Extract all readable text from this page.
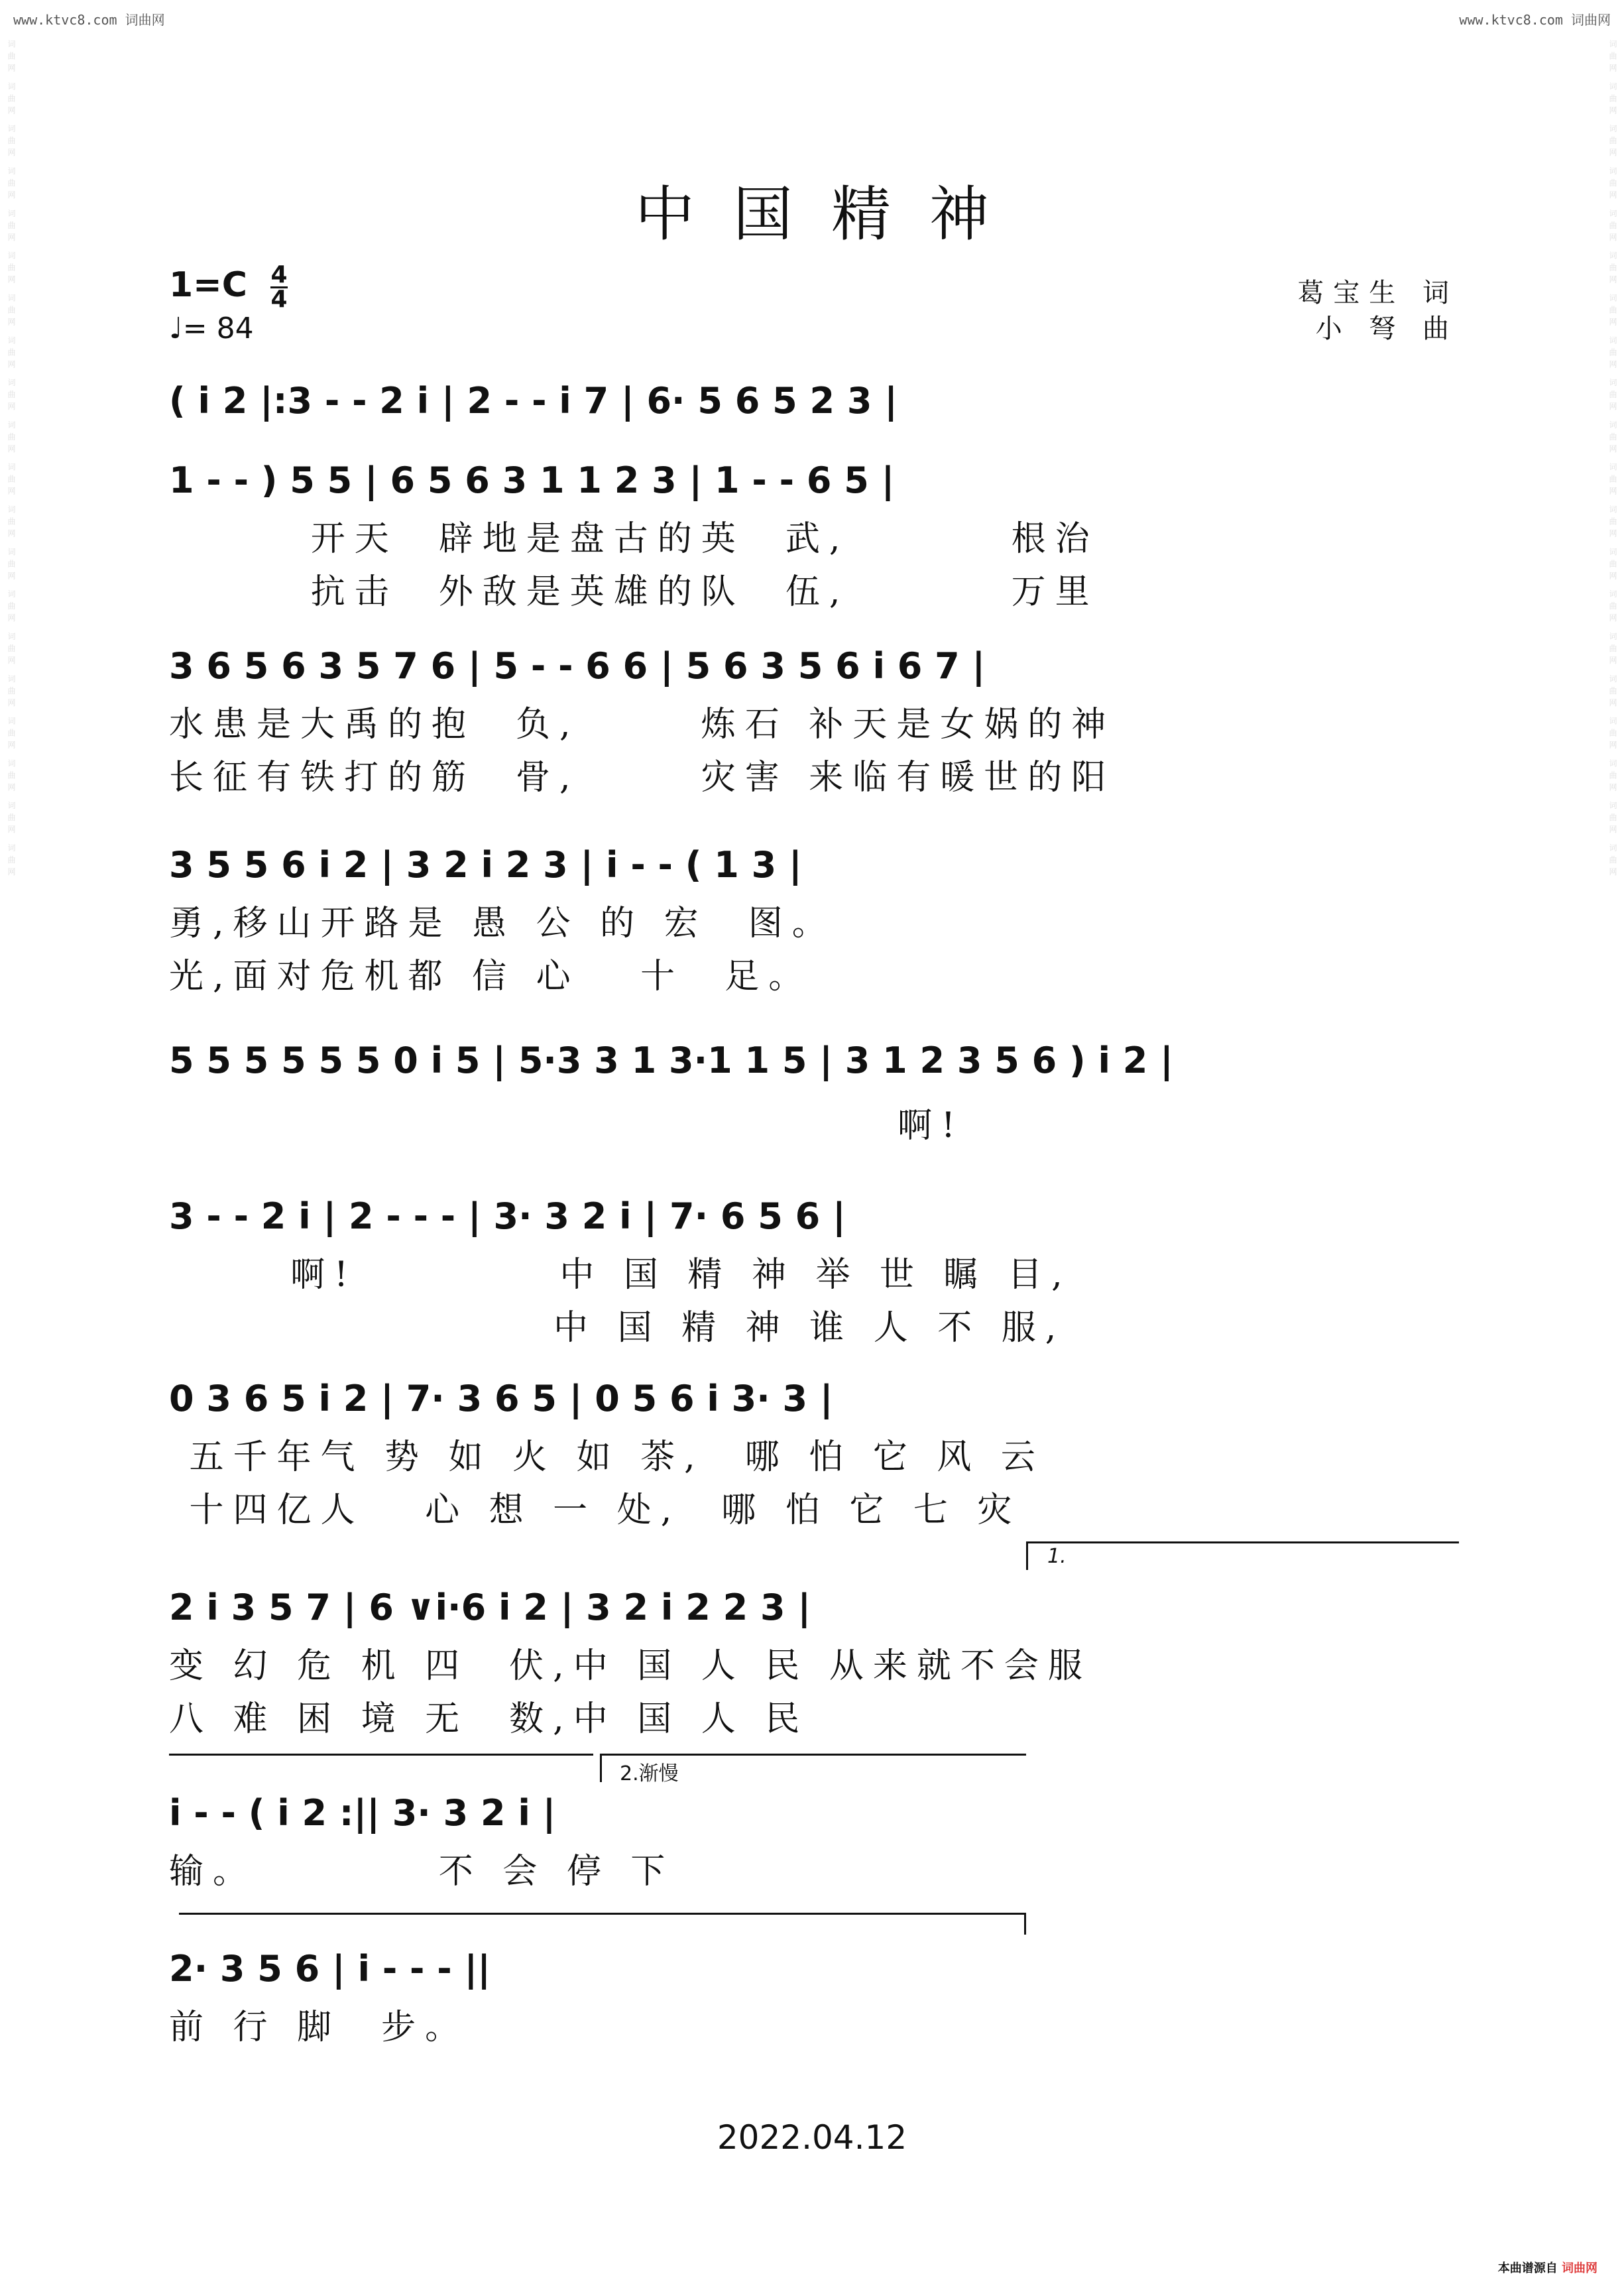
www.ktvc8.com 词曲网	www.ktvc8.com 词曲网
词曲网 词曲网 词曲网 词曲网 词曲网 词曲网 词曲网 词曲网 词曲网 词曲网 词曲网 词曲网 词曲网 词曲网 词曲网 词曲网 词曲网 词曲网 词曲网 词曲网	词曲网 词曲网 词曲网 词曲网 词曲网 词曲网 词曲网 词曲网 词曲网 词曲网 词曲网 词曲网 词曲网 词曲网 词曲网 词曲网 词曲网 词曲网 词曲网 词曲网
中国精神
1=C 4
4
♩= 84
葛宝生 词
小 弩 曲
( i 2 |:3 - - 2 i | 2 - - i 7 | 6· 5 6 5 2 3 |
1 - - ) 5 5 | 6 5 6 3 1 1 2 3 | 1 - - 6 5 |
开天  辟地是盘古的英  武,        根治
抗击  外敌是英雄的队  伍,        万里
3 6 5 6 3 5 7 6 | 5 - - 6 6 | 5 6 3 5 6 i 6 7 |
水患是大禹的抱  负,      炼石 补天是女娲的神
长征有铁打的筋  骨,      灾害 来临有暖世的阳
3 5 5 6 i 2 | 3 2 i 2 3 | i - - ( 1 3 |
勇,移山开路是 愚 公 的 宏  图。
光,面对危机都 信 心   十  足。
5 5 5 5 5 5 0 i 5 | 5·3 3 1 3·1 1 5 | 3 1 2 3 5 6 ) i 2 |
啊!
3 - - 2 i | 2 - - - | 3· 3 2 i | 7· 6 5 6 |
啊!          中 国 精 神 举 世 瞩 目,
中 国 精 神 谁 人 不 服,
0 3 6 5 i 2 | 7· 3 6 5 | 0 5 6 i 3· 3 |
五千年气 势 如 火 如 茶,  哪 怕 它 风 云
十四亿人   心 想 一 处,  哪 怕 它 七 灾
1.
2 i 3 5 7 | 6 ∨i·6 i 2 | 3 2 i 2 2 3 |
变 幻 危 机 四  伏,中 国 人 民 从来就不会服
八 难 困 境 无  数,中 国 人 民
2.渐慢
i - - ( i 2 :|| 3· 3 2 i |
输。         不 会 停 下
2· 3 5 6 | i - - - ||
前 行 脚  步。
2022.04.12
本曲谱源自 词曲网
